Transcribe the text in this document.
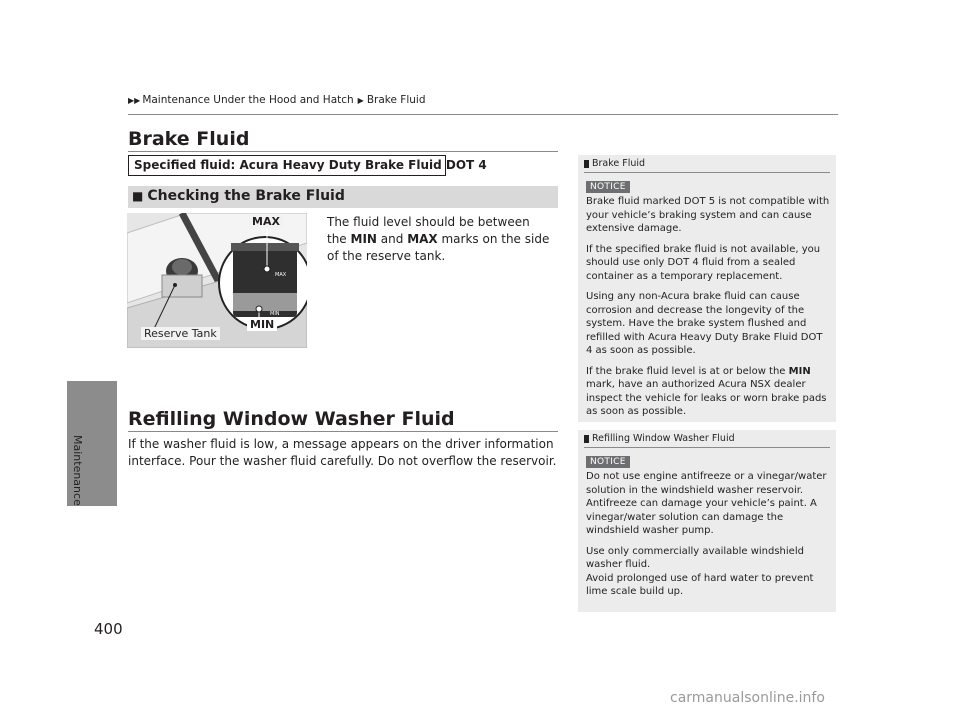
▶▶ Maintenance Under the Hood and Hatch ▶ Brake Fluid
Maintenance
400
Brake Fluid
Specified fluid: Acura Heavy Duty Brake Fluid DOT 4
■ Checking the Brake Fluid
The fluid level should be between the MIN and MAX marks on the side of the reserve tank.
MAX
MIN
MAX
MIN
Reserve Tank
Refilling Window Washer Fluid
If the washer fluid is low, a message appears on the driver information interface. Pour the washer fluid carefully. Do not overflow the reservoir.
Brake Fluid
NOTICE

Brake fluid marked DOT 5 is not compatible with your vehicle’s braking system and can cause extensive damage.

If the specified brake fluid is not available, you should use only DOT 4 fluid from a sealed container as a temporary replacement.

Using any non-Acura brake fluid can cause corrosion and decrease the longevity of the system. Have the brake system flushed and refilled with Acura Heavy Duty Brake Fluid DOT 4 as soon as possible.

If the brake fluid level is at or below the MIN mark, have an authorized Acura NSX dealer inspect the vehicle for leaks or worn brake pads as soon as possible.

Refilling Window Washer Fluid
NOTICE

Do not use engine antifreeze or a vinegar/water solution in the windshield washer reservoir. Antifreeze can damage your vehicle’s paint. A vinegar/water solution can damage the windshield washer pump.

Use only commercially available windshield washer fluid.

Avoid prolonged use of hard water to prevent lime scale build up.

carmanualsonline.info
